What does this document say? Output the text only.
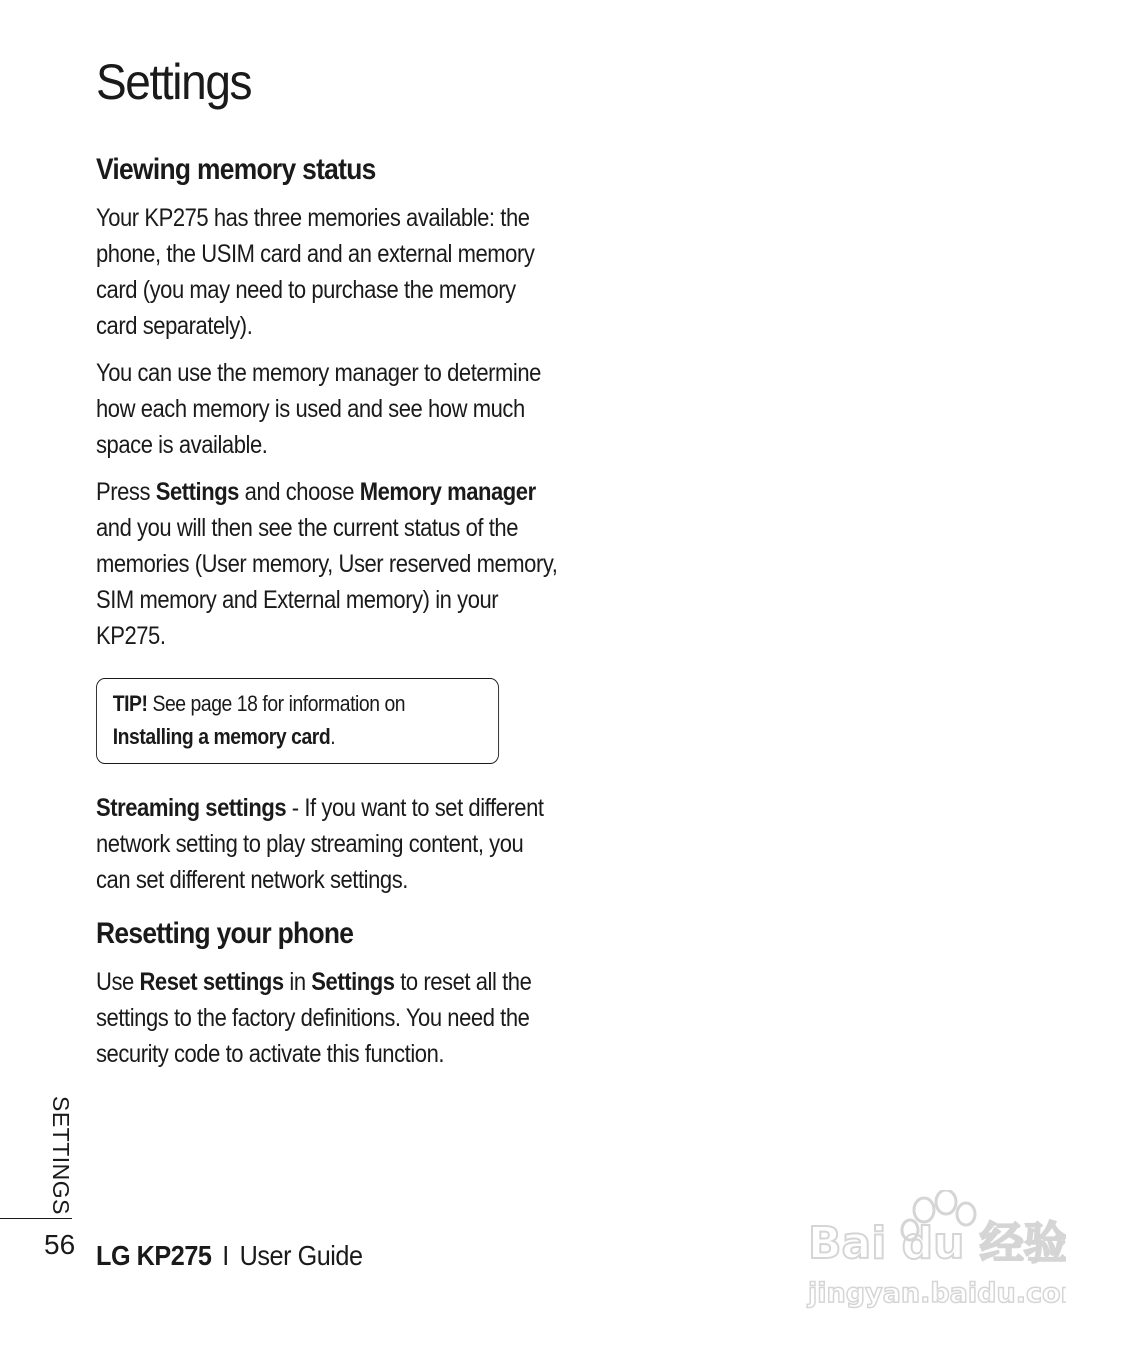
Settings
Viewing memory status

Your KP275 has three memories available: the phone, the USIM card and an external memory card (you may need to purchase the memory card separately).

You can use the memory manager to determine how each memory is used and see how much space is available.

Press Settings and choose Memory manager and you will then see the current status of the memories (User memory, User reserved memory, SIM memory and External memory) in your KP275.

TIP! See page 18 for information on Installing a memory card.

Streaming settings - If you want to set different network setting to play streaming content, you can set different network settings.

Resetting your phone

Use Reset settings in Settings to reset all the settings to the factory definitions. You need the security code to activate this function.

SETTINGS
56 LG KP275 I User Guide	Bai du 经验
jingyan.baidu.com
